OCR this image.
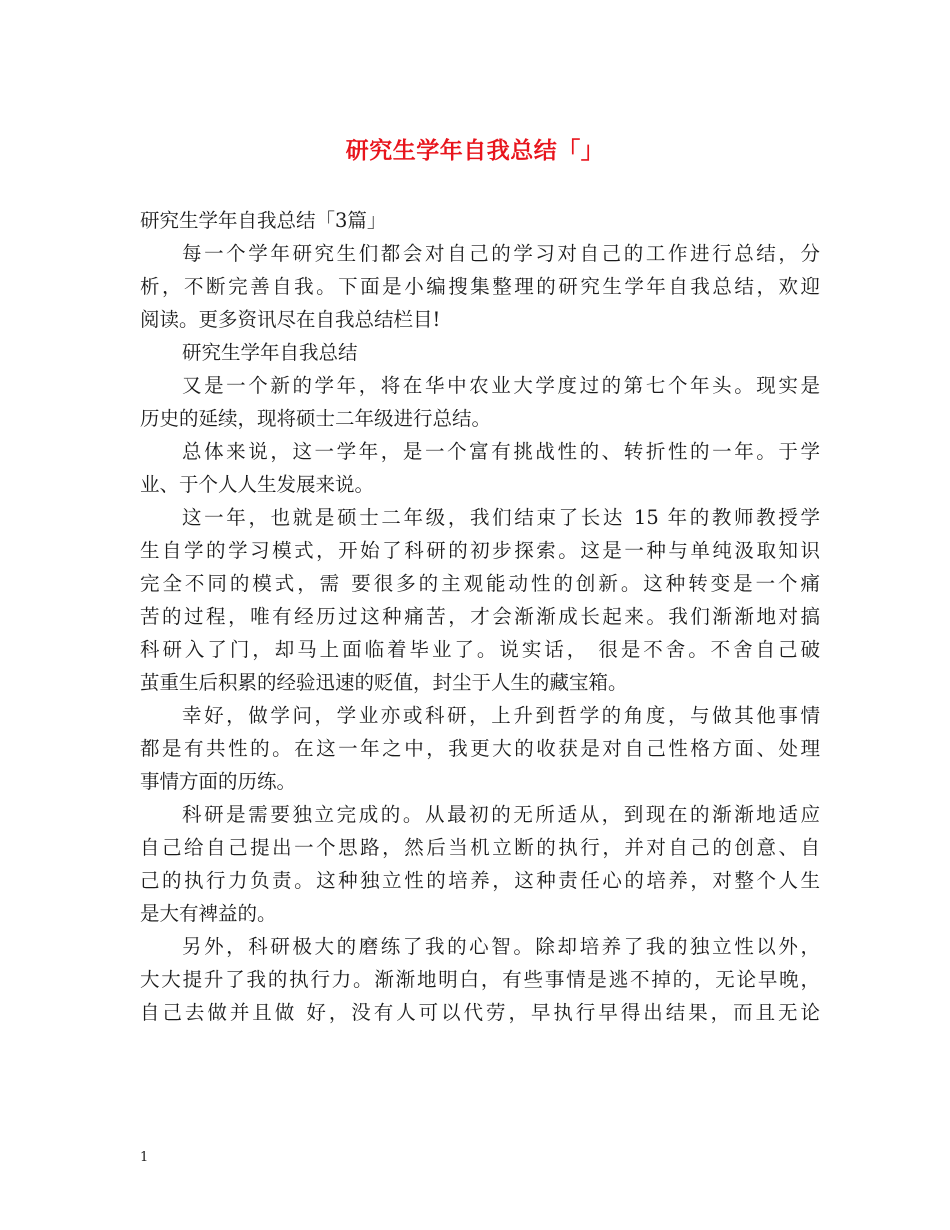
研究生学年自我总结「」
研究生学年自我总结「3篇」
每一个学年研究生们都会对自己的学习对自己的工作进行总结，分
析，不断完善自我。下面是小编搜集整理的研究生学年自我总结，欢迎
阅读。更多资讯尽在自我总结栏目!
研究生学年自我总结
又是一个新的学年，将在华中农业大学度过的第七个年头。现实是
历史的延续，现将硕士二年级进行总结。
总体来说，这一学年，是一个富有挑战性的、转折性的一年。于学
业、于个人人生发展来说。
这一年，也就是硕士二年级，我们结束了长达 15 年的教师教授学
生自学的学习模式，开始了科研的初步探索。这是一种与单纯汲取知识
完全不同的模式，需 要很多的主观能动性的创新。这种转变是一个痛
苦的过程，唯有经历过这种痛苦，才会渐渐成长起来。我们渐渐地对搞
科研入了门，却马上面临着毕业了。说实话， 很是不舍。不舍自己破
茧重生后积累的经验迅速的贬值，封尘于人生的藏宝箱。
幸好，做学问，学业亦或科研，上升到哲学的角度，与做其他事情
都是有共性的。在这一年之中，我更大的收获是对自己性格方面、处理
事情方面的历练。
科研是需要独立完成的。从最初的无所适从，到现在的渐渐地适应
自己给自己提出一个思路，然后当机立断的执行，并对自己的创意、自
己的执行力负责。这种独立性的培养，这种责任心的培养，对整个人生
是大有裨益的。
另外，科研极大的磨练了我的心智。除却培养了我的独立性以外，
大大提升了我的执行力。渐渐地明白，有些事情是逃不掉的，无论早晚，
自己去做并且做 好，没有人可以代劳，早执行早得出结果，而且无论
1
